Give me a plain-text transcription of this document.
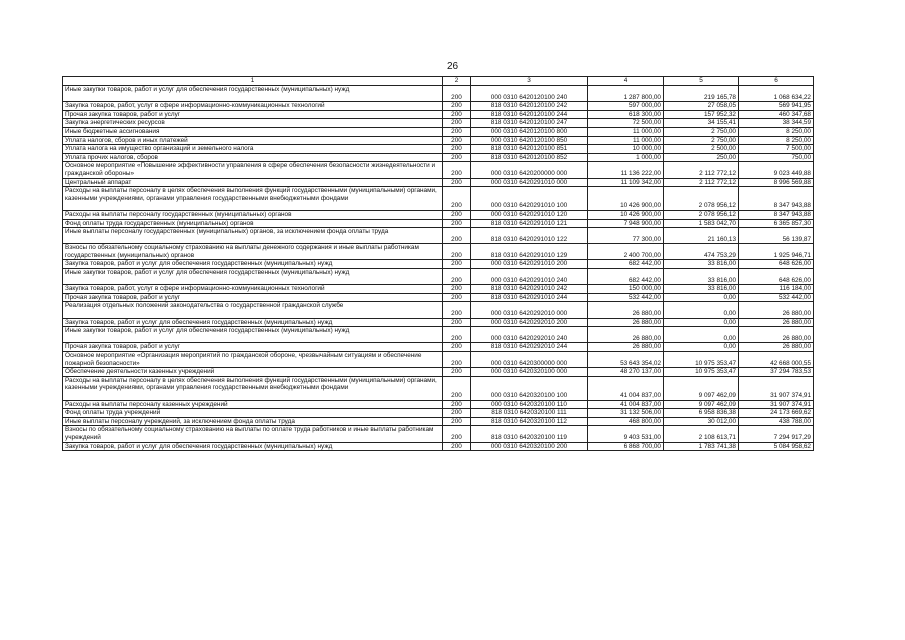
26
1	2	3	4	5	6
Иные закупки товаров, работ и услуг для обеспечения государственных (муниципальных) нужд	200	000 0310 6420120100 240	1 287 800,00	219 165,78	1 068 634,22
Закупка товаров, работ, услуг в сфере информационно-коммуникационных технологий	200	818 0310 6420120100 242	597 000,00	27 058,05	569 941,95
Прочая закупка товаров, работ и услуг	200	818 0310 6420120100 244	618 300,00	157 952,32	460 347,68
Закупка энергетических ресурсов	200	818 0310 6420120100 247	72 500,00	34 155,41	38 344,59
Иные бюджетные ассигнования	200	000 0310 6420120100 800	11 000,00	2 750,00	8 250,00
Уплата налогов, сборов и иных платежей	200	000 0310 6420120100 850	11 000,00	2 750,00	8 250,00
Уплата налога на имущество организаций и земельного налога	200	818 0310 6420120100 851	10 000,00	2 500,00	7 500,00
Уплата прочих налогов, сборов	200	818 0310 6420120100 852	1 000,00	250,00	750,00
Основное мероприятие «Повышение эффективности управления в сфере обеспечения безопасности жизнедеятельности и гражданской обороны»	200	000 0310 6420200000 000	11 136 222,00	2 112 772,12	9 023 449,88
Центральный аппарат	200	000 0310 6420291010 000	11 109 342,00	2 112 772,12	8 996 569,88
Расходы на выплаты персоналу в целях обеспечения выполнения функций государственными (муниципальными) органами, казенными учреждениями, органами управления государственными внебюджетными фондами	200	000 0310 6420291010 100	10 426 900,00	2 078 956,12	8 347 943,88
Расходы на выплаты персоналу государственных (муниципальных) органов	200	000 0310 6420291010 120	10 426 900,00	2 078 956,12	8 347 943,88
Фонд оплаты труда государственных (муниципальных) органов	200	818 0310 6420291010 121	7 948 900,00	1 583 042,70	6 365 857,30
Иные выплаты персоналу государственных (муниципальных) органов, за исключением фонда оплаты труда	200	818 0310 6420291010 122	77 300,00	21 160,13	56 139,87
Взносы по обязательному социальному страхованию на выплаты денежного содержания и иные выплаты работникам государственных (муниципальных) органов	200	818 0310 6420291010 129	2 400 700,00	474 753,29	1 925 946,71
Закупка товаров, работ и услуг для обеспечения государственных (муниципальных) нужд	200	000 0310 6420291010 200	682 442,00	33 816,00	648 626,00
Иные закупки товаров, работ и услуг для обеспечения государственных (муниципальных) нужд	200	000 0310 6420291010 240	682 442,00	33 816,00	648 626,00
Закупка товаров, работ, услуг в сфере информационно-коммуникационных технологий	200	818 0310 6420291010 242	150 000,00	33 816,00	116 184,00
Прочая закупка товаров, работ и услуг	200	818 0310 6420291010 244	532 442,00	0,00	532 442,00
Реализация отдельных положений законодательства о государственной гражданской службе	200	000 0310 6420292010 000	26 880,00	0,00	26 880,00
Закупка товаров, работ и услуг для обеспечения государственных (муниципальных) нужд	200	000 0310 6420292010 200	26 880,00	0,00	26 880,00
Иные закупки товаров, работ и услуг для обеспечения государственных (муниципальных) нужд	200	000 0310 6420292010 240	26 880,00	0,00	26 880,00
Прочая закупка товаров, работ и услуг	200	818 0310 6420292010 244	26 880,00	0,00	26 880,00
Основное мероприятие «Организация мероприятий по гражданской обороне, чрезвычайным ситуациям и обеспечение пожарной безопасности»	200	000 0310 6420300000 000	53 643 354,02	10 975 353,47	42 668 000,55
Обеспечение деятельности казенных учреждений	200	000 0310 6420320100 000	48 270 137,00	10 975 353,47	37 294 783,53
Расходы на выплаты персоналу в целях обеспечения выполнения функций государственными (муниципальными) органами, казенными учреждениями, органами управления государственными внебюджетными фондами	200	000 0310 6420320100 100	41 004 837,00	9 097 462,09	31 907 374,91
Расходы на выплаты персоналу казенных учреждений	200	000 0310 6420320100 110	41 004 837,00	9 097 462,09	31 907 374,91
Фонд оплаты труда учреждений	200	818 0310 6420320100 111	31 132 506,00	6 958 836,38	24 173 669,62
Иные выплаты персоналу учреждений, за исключением фонда оплаты труда	200	818 0310 6420320100 112	468 800,00	30 012,00	438 788,00
Взносы по обязательному социальному страхованию на выплаты по оплате труда работников и иные выплаты работникам учреждений	200	818 0310 6420320100 119	9 403 531,00	2 108 613,71	7 294 917,29
Закупка товаров, работ и услуг для обеспечения государственных (муниципальных) нужд	200	000 0310 6420320100 200	6 868 700,00	1 783 741,38	5 084 958,62
